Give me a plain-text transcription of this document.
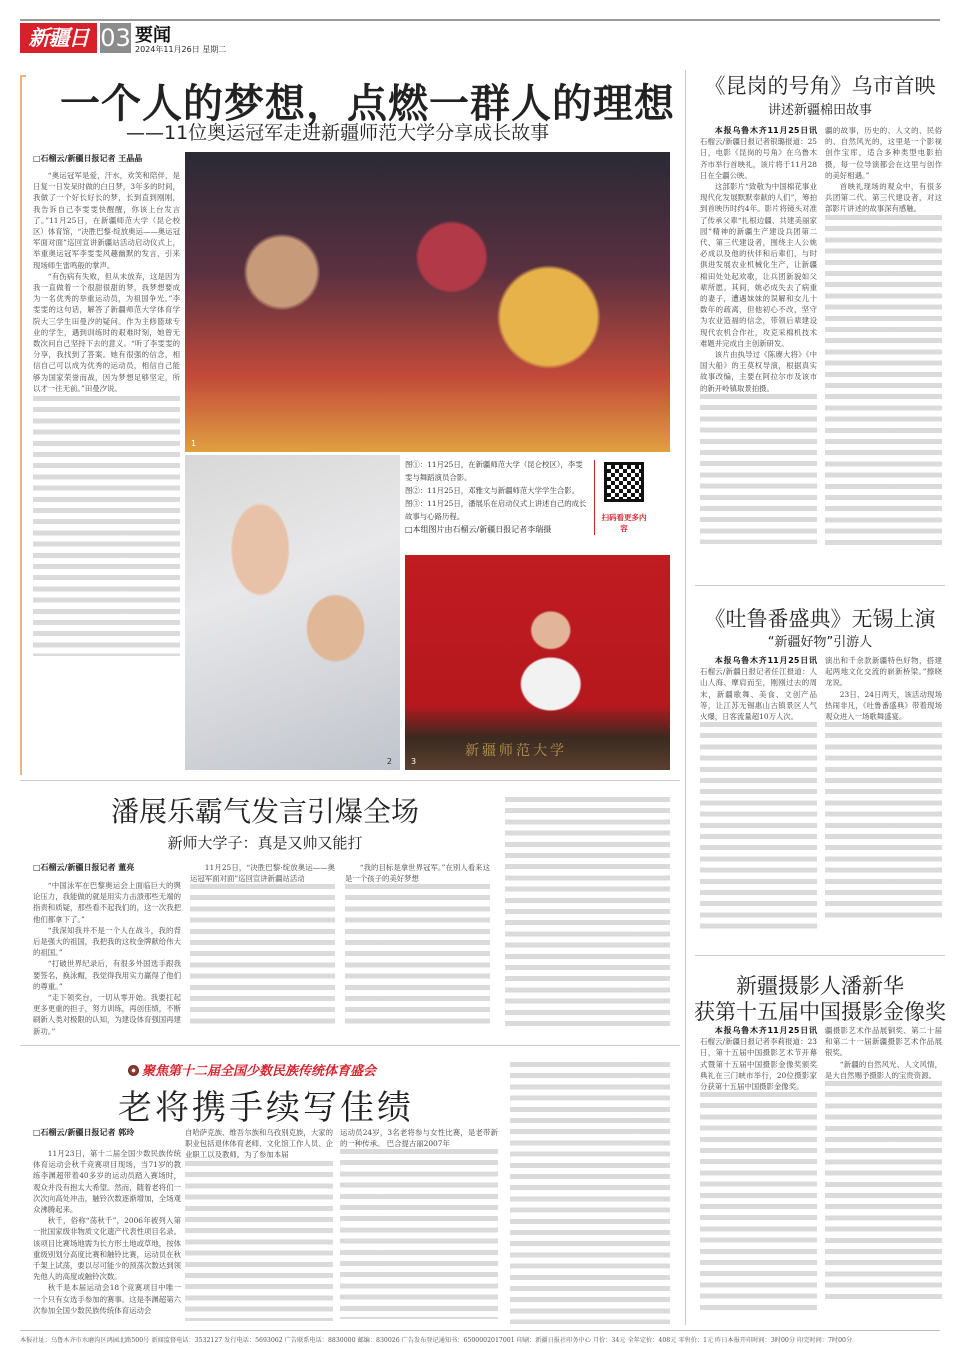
新疆日报
03 要闻
2024年11月26日 星期二
一个人的梦想，点燃一群人的理想
——11位奥运冠军走进新疆师范大学分享成长故事
□石榴云/新疆日报记者 王晶晶

“奥运冠军是爱，汗水，欢笑和陪伴，是日复一日发呆时做的白日梦，3年多的时间，我做了一个好长好长的梦，长到直到刚刚，我告诉自己李雯雯快醒醒，你该上台发言了。”11月25日，在新疆师范大学（昆仑校区）体育馆，“决胜巴黎·绽放奥运——奥运冠军面对面”巡回宣讲新疆站活动启动仪式上，举重奥运冠军李雯雯风趣幽默的发言，引来现场师生雷鸣般的掌声。

“有伤病有失败，但从未放弃，这是因为我一直做着一个很甜很甜的梦，我梦想要成为一名优秀的举重运动员，为祖国争光。”李雯雯的这句话，解答了新疆师范大学体育学院大三学生田曼汐的疑问。作为主修篮球专业的学生，遇到训练时的艰难时刻，她曾无数次问自己坚持下去的意义。“听了李雯雯的分享，我找到了答案。她有很强的信念，相信自己可以成为优秀的运动员，相信自己能够为国家荣誉而战，因为梦想足够坚定，所以才一往无前。”田曼汐说。

1
2

图①：11月25日，在新疆师范大学（昆仑校区），李雯雯与舞蹈演员合影。

图②：11月25日，邓雅文与新疆师范大学学生合影。

图③：11月25日，潘展乐在启动仪式上讲述自己的成长故事与心路历程。

□本组图片由石榴云/新疆日报记者李瑞摄

扫码看更多内容
新疆师范大学
3
潘展乐霸气发言引爆全场
新师大学子：真是又帅又能打
□石榴云/新疆日报记者 董亮

“中国泳军在巴黎奥运会上面临巨大的舆论压力，我能做的就是用实力击溃那些无端的指责和质疑，那些看不起我们的，这一次我把他们都拿下了。”

“我深知我并不是一个人在战斗，我的背后是强大的祖国，我把我的这枚金牌献给伟大的祖国。”

“打破世界纪录后，有很多外国选手跟我要签名，换泳帽，我觉得我用实力赢得了他们的尊重。”

“走下领奖台，一切从零开始。我要扛起更多更重的担子，努力训练，再创佳绩，不断刷新人类对极限的认知，为建设体育强国再建新功。”

11月25日，“决胜巴黎·绽放奥运——奥运冠军面对面”巡回宣讲新疆站活动

“我的目标是拿世界冠军。”在别人看来这是一个孩子的美好梦想

聚焦第十二届全国少数民族传统体育盛会
老将携手续写佳绩
□石榴云/新疆日报记者 郭玲

11月23日，第十二届全国少数民族传统体育运动会秋千竞赛项目现场，当71岁的教练李渊超带着40多岁的运动员踏入赛场时，观众并没有抱太大希望。然而，随着老将们一次次向高处冲击，触铃次数逐渐增加，全场观众沸腾起来。

秋千，俗称“荡秋千”，2006年被列入第一批国家级非物质文化遗产代表性项目名录。该项目比赛场地需为长方形土地或草地，按体重级别划分高度比赛和触铃比赛，运动员在秋千架上试荡，要以尽可能少的预荡次数达到领先他人的高度或触铃次数。

秋千是本届运动会18个竞赛项目中唯一一个只有女选手参加的赛事。这是李渊超第六次参加全国少数民族传统体育运动会

自哈萨克族、维吾尔族和乌孜别克族，大家的职业包括退休体育老师、文化馆工作人员、企业职工以及教师。为了参加本届

运动员24岁，3名老将参与女性比赛，是老带新的一种传承。 巴合提古丽2007年

《昆岗的号角》乌市首映
讲述新疆棉田故事

本报乌鲁木齐11月25日讯 石榴云/新疆日报记者银璐报道：25日，电影《昆岗的号角》在乌鲁木齐市举行首映礼，该片将于11月28日在全疆公映。

这部影片“致敬为中国棉花事业现代化发展默默奉献的人们”，筹拍到首映历时约4年。影片将镜头对准了传承父辈“扎根边疆、共建美丽家园”精神的新疆生产建设兵团第二代、第三代建设者，围绕主人公姚必成以及他的伙伴和后辈们，与时俱进发展农业机械化生产，让新疆棉田处处起欢歌，让兵团新貌如父辈所愿。其间，姚必成失去了病重的妻子，遭遇妹妹的误解和女儿十数年的疏离，但他初心不改，坚守为农业造福的信念，带领后辈建设现代农机合作社，攻克采棉机技术难题并完成自主创新研发。

该片由执导过《陈赓大将》《中国大船》的王莫权导演，根据真实故事改编，主要在阿拉尔市及该市的新开岭镇取景拍摄。

疆的故事，历史的、人文的、民俗的、自然风光的，这里是一个影视创作宝库，适合多种类型电影拍摄，每一位导演都会在这里与创作的美好相遇。”

首映礼现场的观众中，有很多兵团第二代、第三代建设者，对这部影片讲述的故事深有感触。

《吐鲁番盛典》无锡上演
“新疆好物”引游人

本报乌鲁木齐11月25日讯 石榴云/新疆日报记者任江报道：人山人海、摩肩而至，刚刚过去的周末，新疆歌舞、美食、文创产品等，让江苏无锡惠山古镇景区人气火爆，日客流量超10万人次。

演出和千余款新疆特色好物，搭建起两地文化交流的崭新桥梁。”擦晓龙说。

23日、24日两天，该活动现场热闹非凡，《吐鲁番盛典》带着现场观众进入一场歌舞盛宴。

新疆摄影人潘新华
获第十五届中国摄影金像奖

本报乌鲁木齐11月25日讯 石榴云/新疆日报记者李莉报道：23日，第十五届中国摄影艺术节开幕式暨第十五届中国摄影金像奖颁奖典礼在三门峡市举行，20位摄影家分获第十五届中国摄影金像奖。

疆摄影艺术作品展铜奖、第二十届和第二十一届新疆摄影艺术作品展银奖。

“新疆的自然风光、人文风情，是大自然赐予摄影人的宝贵资源。

本报社址：乌鲁木齐市水磨沟区鸿园北路500号 新闻监督电话：3532127 发行电话：5693062 广告联系电话：8830000 邮编：830026 广告发布登记通知书：6500002017001 印刷：新疆日报社印务中心 月价：34元 全年定价：408元 零售价：1元 昨日本报开印时间：3时00分 印完时间：7时00分
